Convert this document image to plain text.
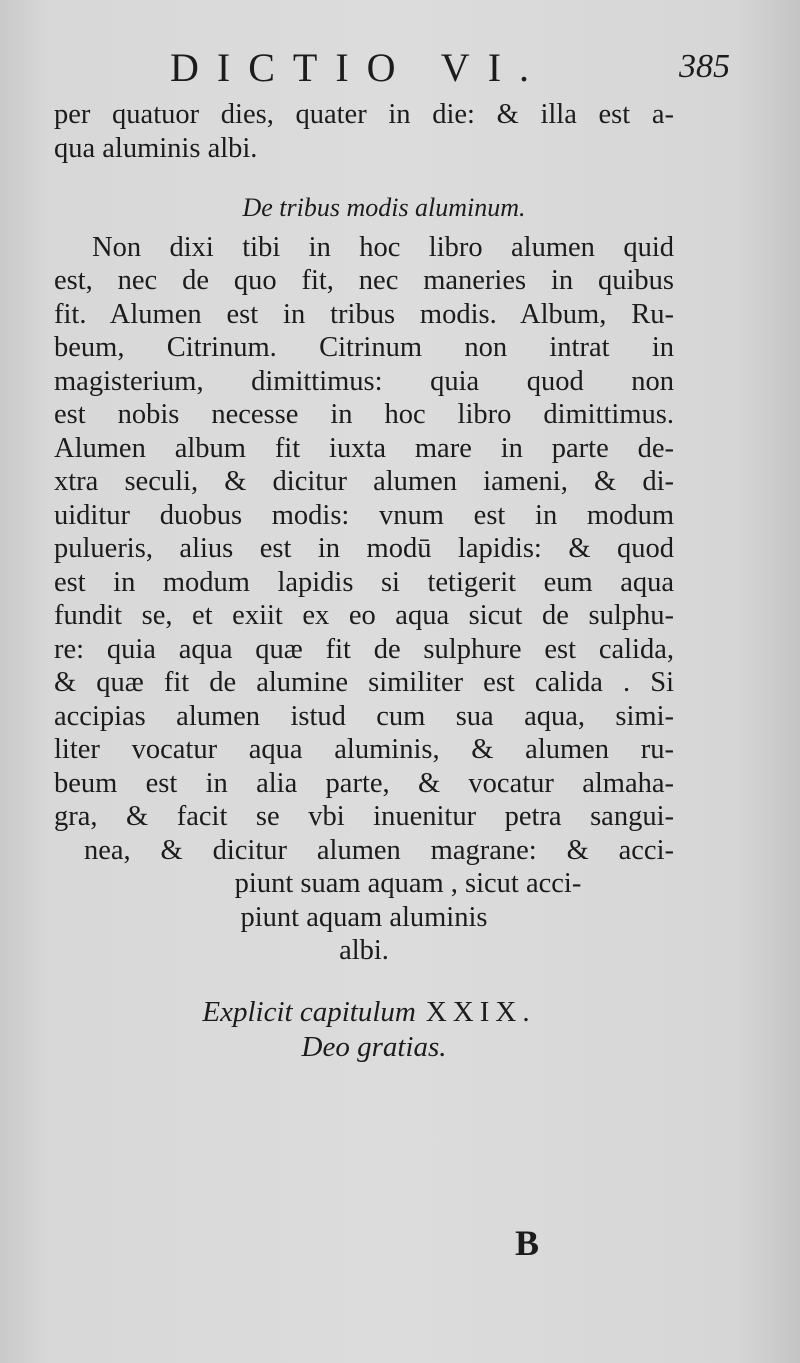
DICTIO VI.	385
per quatuor dies, quater in die: & illa est a-
qua aluminis albi.
De tribus modis aluminum.
Non dixi tibi in hoc libro alumen quid
est, nec de quo fit, nec maneries in quibus
fit. Alumen est in tribus modis. Album, Ru-
beum, Citrinum. Citrinum non intrat in
magisterium, dimittimus: quia quod non
est nobis necesse in hoc libro dimittimus.
Alumen album fit iuxta mare in parte de-
xtra seculi, & dicitur alumen iameni, & di-
uiditur duobus modis: vnum est in modum
pulueris, alius est in modū lapidis: & quod
est in modum lapidis si tetigerit eum aqua
fundit se, et exiit ex eo aqua sicut de sulphu-
re: quia aqua quæ fit de sulphure est calida,
& quæ fit de alumine similiter est calida . Si
accipias alumen istud cum sua aqua, simi-
liter vocatur aqua aluminis, & alumen ru-
beum est in alia parte, & vocatur almaha-
gra, & facit se vbi inuenitur petra sangui-
nea, & dicitur alumen magrane: & acci-
piunt suam aquam , sicut acci-
piunt aquam aluminis
albi.
Explicit capitulum XXIX.
Deo gratias.
B
